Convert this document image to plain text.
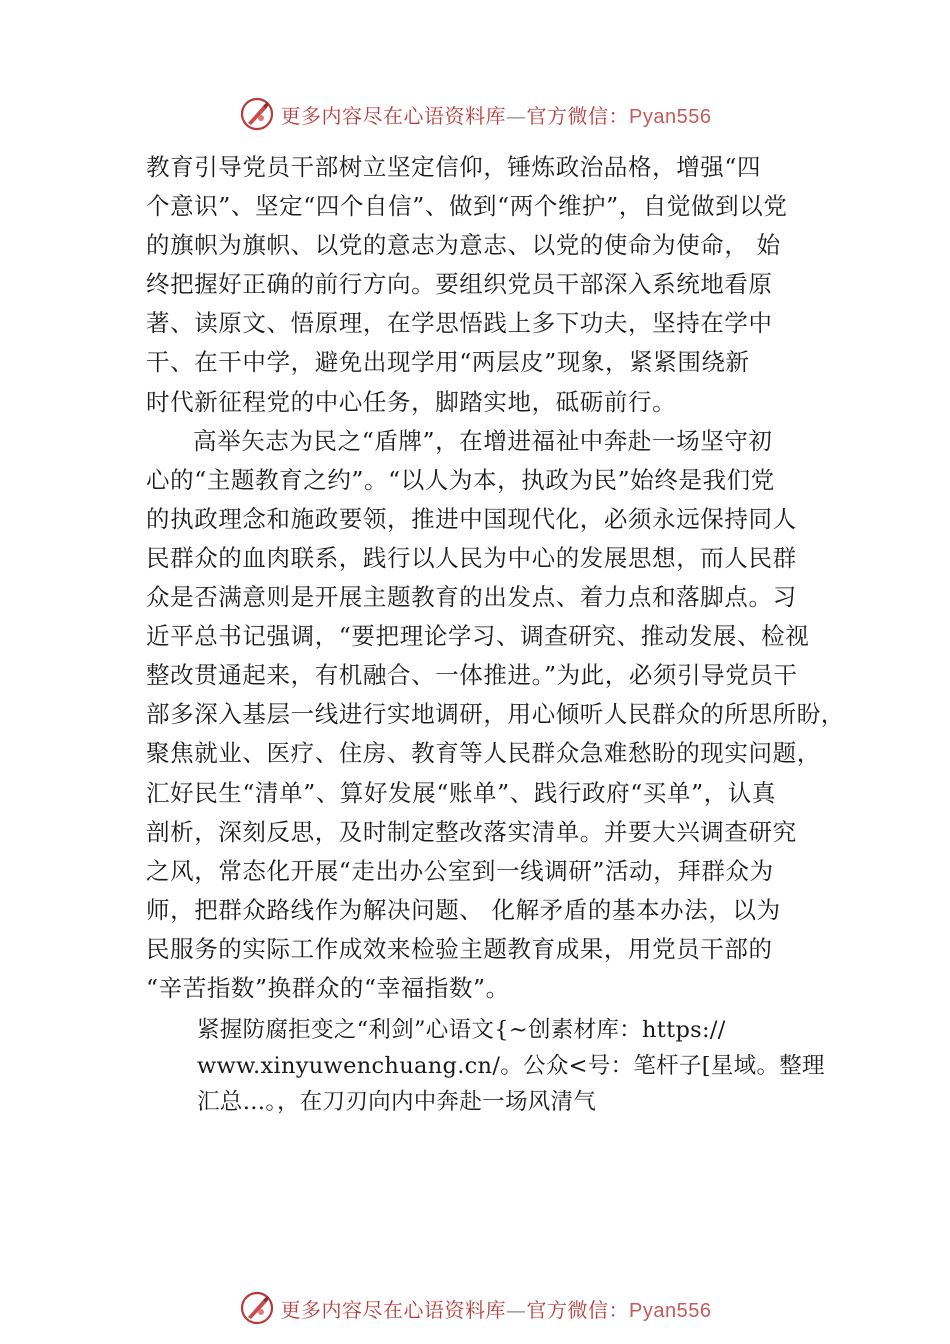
更多内容尽在心语资料库—官方微信：Pyan556
教育引导党员干部树立坚定信仰，锤炼政治品格，增强“四
个意识”、坚定“四个自信”、做到“两个维护”，自觉做到以党
的旗帜为旗帜、以党的意志为意志、以党的使命为使命， 始
终把握好正确的前行方向。要组织党员干部深入系统地看原
著、读原文、悟原理，在学思悟践上多下功夫，坚持在学中
干、在干中学，避免出现学用“两层皮”现象，紧紧围绕新
时代新征程党的中心任务，脚踏实地，砥砺前行。
高举矢志为民之“盾牌”，在增进福祉中奔赴一场坚守初
心的“主题教育之约”。“以人为本，执政为民”始终是我们党
的执政理念和施政要领，推进中国现代化，必须永远保持同人
民群众的血肉联系，践行以人民为中心的发展思想，而人民群
众是否满意则是开展主题教育的出发点、着力点和落脚点。习
近平总书记强调，“要把理论学习、调查研究、推动发展、检视
整改贯通起来，有机融合、一体推进。”为此，必须引导党员干
部多深入基层一线进行实地调研，用心倾听人民群众的所思所盼，
聚焦就业、医疗、住房、教育等人民群众急难愁盼的现实问题，
汇好民生“清单”、算好发展“账单”、践行政府“买单”，认真
剖析，深刻反思，及时制定整改落实清单。并要大兴调查研究
之风，常态化开展“走出办公室到一线调研”活动，拜群众为
师，把群众路线作为解决问题、 化解矛盾的基本办法，以为
民服务的实际工作成效来检验主题教育成果，用党员干部的
“辛苦指数”换群众的“幸福指数”。
紧握防腐拒变之“利剑”心语文{~创素材库：https://
www.xinyuwenchuang.cn/。公众<号：笔杆子[星域。整理
汇总…。，在刀刃向内中奔赴一场风清气
更多内容尽在心语资料库—官方微信：Pyan556
